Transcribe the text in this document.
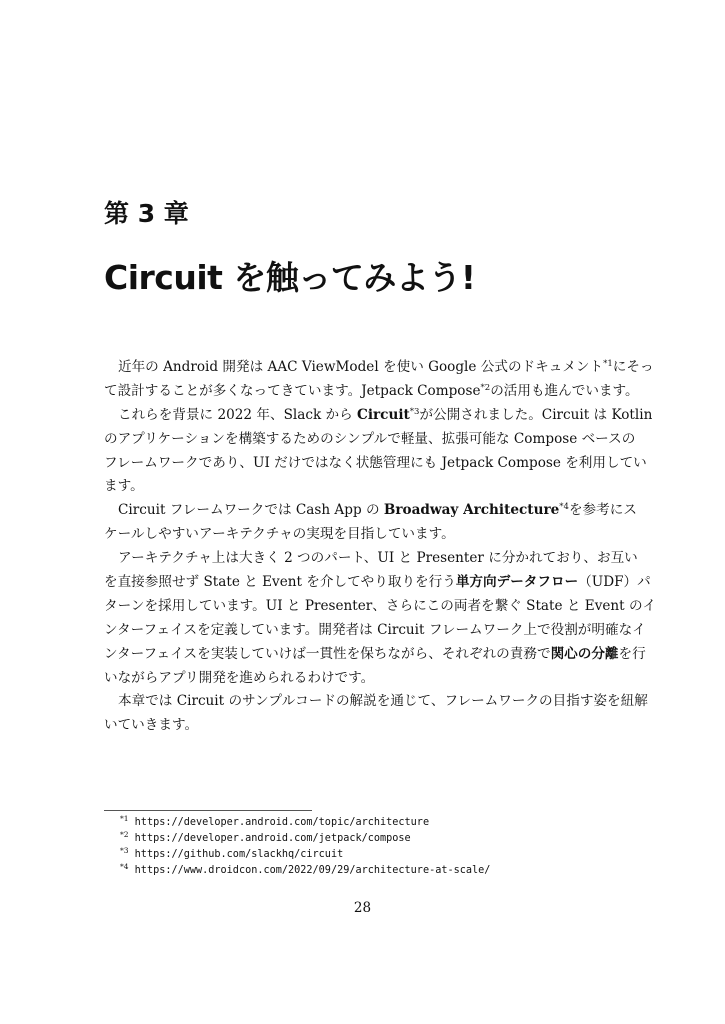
第 3 章
Circuit を触ってみよう!
近年の Android 開発は AAC ViewModel を使い Google 公式のドキュメント$^{*1}$にそっ
て設計することが多くなってきています。Jetpack Compose$^{*2}$の活用も進んでいます。
これらを背景に 2022 年、Slack から Circuit$^{*3}$が公開されました。Circuit は Kotlin
のアプリケーションを構築するためのシンプルで軽量、拡張可能な Compose ベースの
フレームワークであり、UI だけではなく状態管理にも Jetpack Compose を利用してい
ます。
Circuit フレームワークでは Cash App の Broadway Architecture$^{*4}$を参考にス
ケールしやすいアーキテクチャの実現を目指しています。
アーキテクチャ上は大きく 2 つのパート、UI と Presenter に分かれており、お互い
を直接参照せず State と Event を介してやり取りを行う単方向データフロー（UDF）パ
ターンを採用しています。UI と Presenter、さらにこの両者を繋ぐ State と Event のイ
ンターフェイスを定義しています。開発者は Circuit フレームワーク上で役割が明確なイ
ンターフェイスを実装していけば一貫性を保ちながら、それぞれの責務で関心の分離を行
いながらアプリ開発を進められるわけです。
本章では Circuit のサンプルコードの解説を通じて、フレームワークの目指す姿を紐解
いていきます。
$^{*1}$ https://developer.android.com/topic/architecture
$^{*2}$ https://developer.android.com/jetpack/compose
$^{*3}$ https://github.com/slackhq/circuit
$^{*4}$ https://www.droidcon.com/2022/09/29/architecture-at-scale/
28
